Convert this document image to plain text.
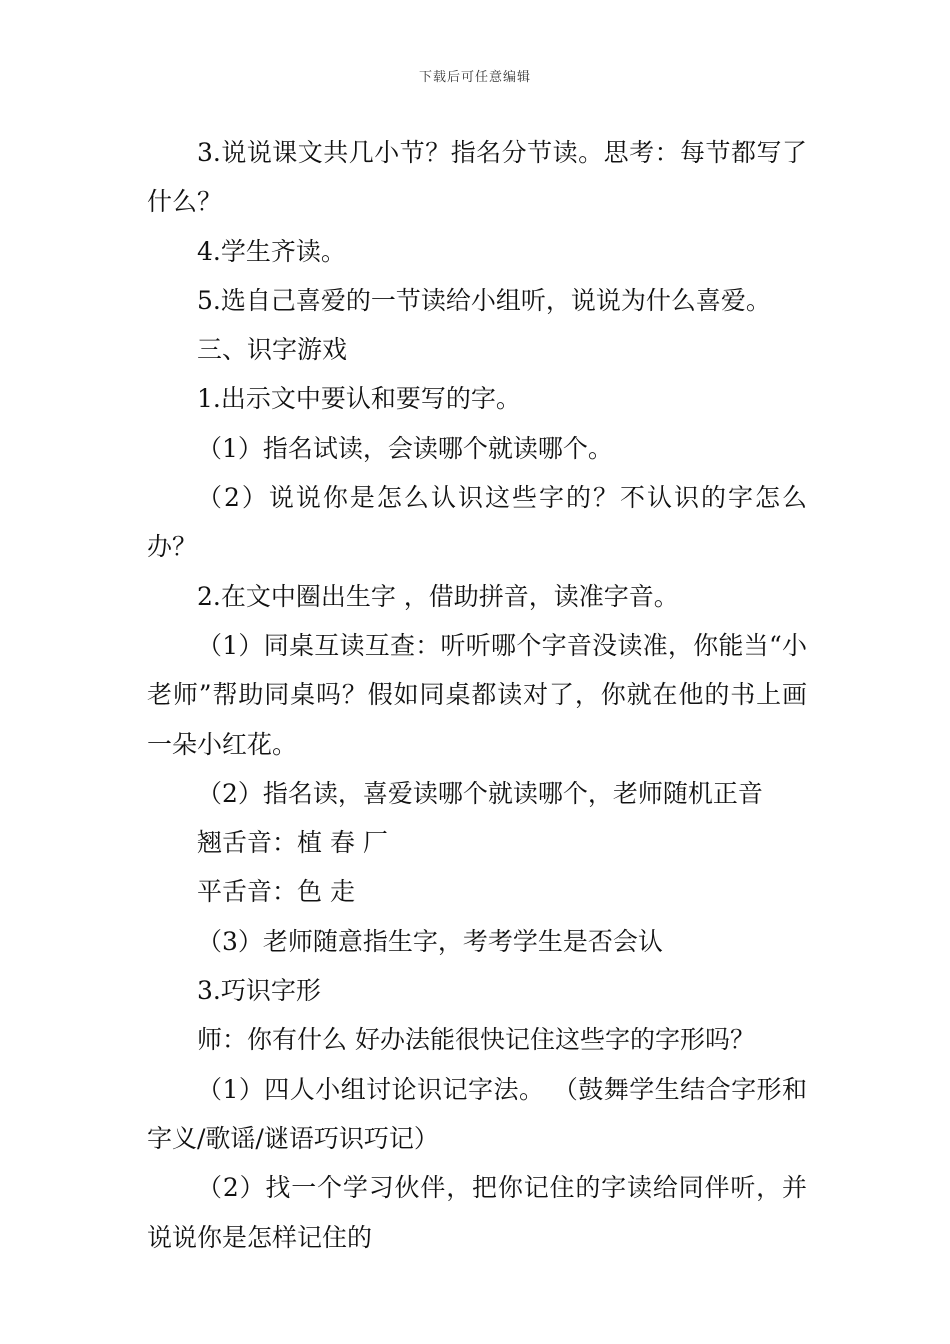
下载后可任意编辑

3.说说课文共几小节？指名分节读。思考：每节都写了什么？

4.学生齐读。

5.选自己喜爱的一节读给小组听，说说为什么喜爱。

三、识字游戏

1.出示文中要认和要写的字。

（1）指名试读，会读哪个就读哪个。

（2）说说你是怎么认识这些字的？不认识的字怎么办？

2.在文中圈出生字 ，借助拼音，读准字音。

（1）同桌互读互查：听听哪个字音没读准，你能当“小老师”帮助同桌吗？假如同桌都读对了，你就在他的书上画一朵小红花。

（2）指名读，喜爱读哪个就读哪个，老师随机正音

翘舌音：植 春 厂

平舌音：色 走

（3）老师随意指生字，考考学生是否会认

3.巧识字形

师：你有什么 好办法能很快记住这些字的字形吗？

（1）四人小组讨论识记字法。 （鼓舞学生结合字形和字义/歌谣/谜语巧识巧记）

（2）找一个学习伙伴，把你记住的字读给同伴听，并说说你是怎样记住的
